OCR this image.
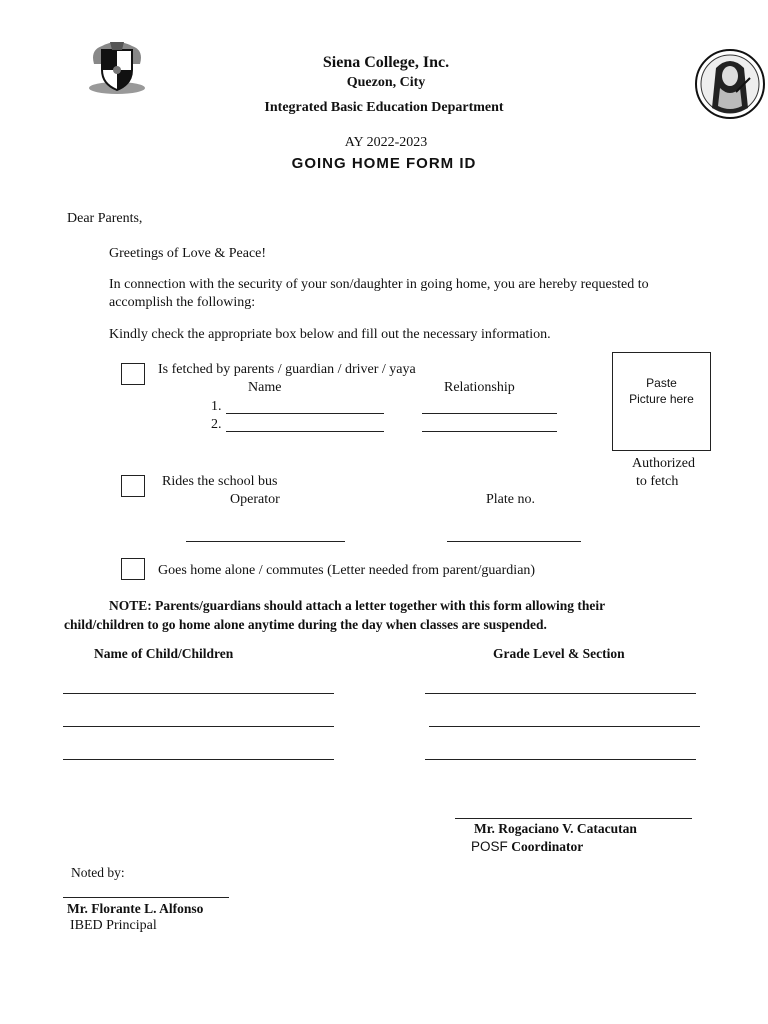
Siena College, Inc.
Quezon, City
Integrated Basic Education Department
AY 2022-2023
GOING HOME FORM ID
Dear Parents,
Greetings of Love & Peace!
In connection with the security of your son/daughter in going home, you are hereby requested to
accomplish the following:
Kindly check the appropriate box below and fill out the necessary information.
Is fetched by parents / guardian / driver / yaya
Name	Relationship
1.
2.
Paste
Picture here
Authorized
to fetch
Rides the school bus
Operator	Plate no.
Goes home alone / commutes (Letter needed from parent/guardian)
NOTE: Parents/guardians should attach a letter together with this form allowing their
child/children to go home alone anytime during the day when classes are suspended.
Name of Child/Children	Grade Level & Section
Mr. Rogaciano V. Catacutan
POSF Coordinator
Noted by:
Mr. Florante L. Alfonso
IBED Principal
